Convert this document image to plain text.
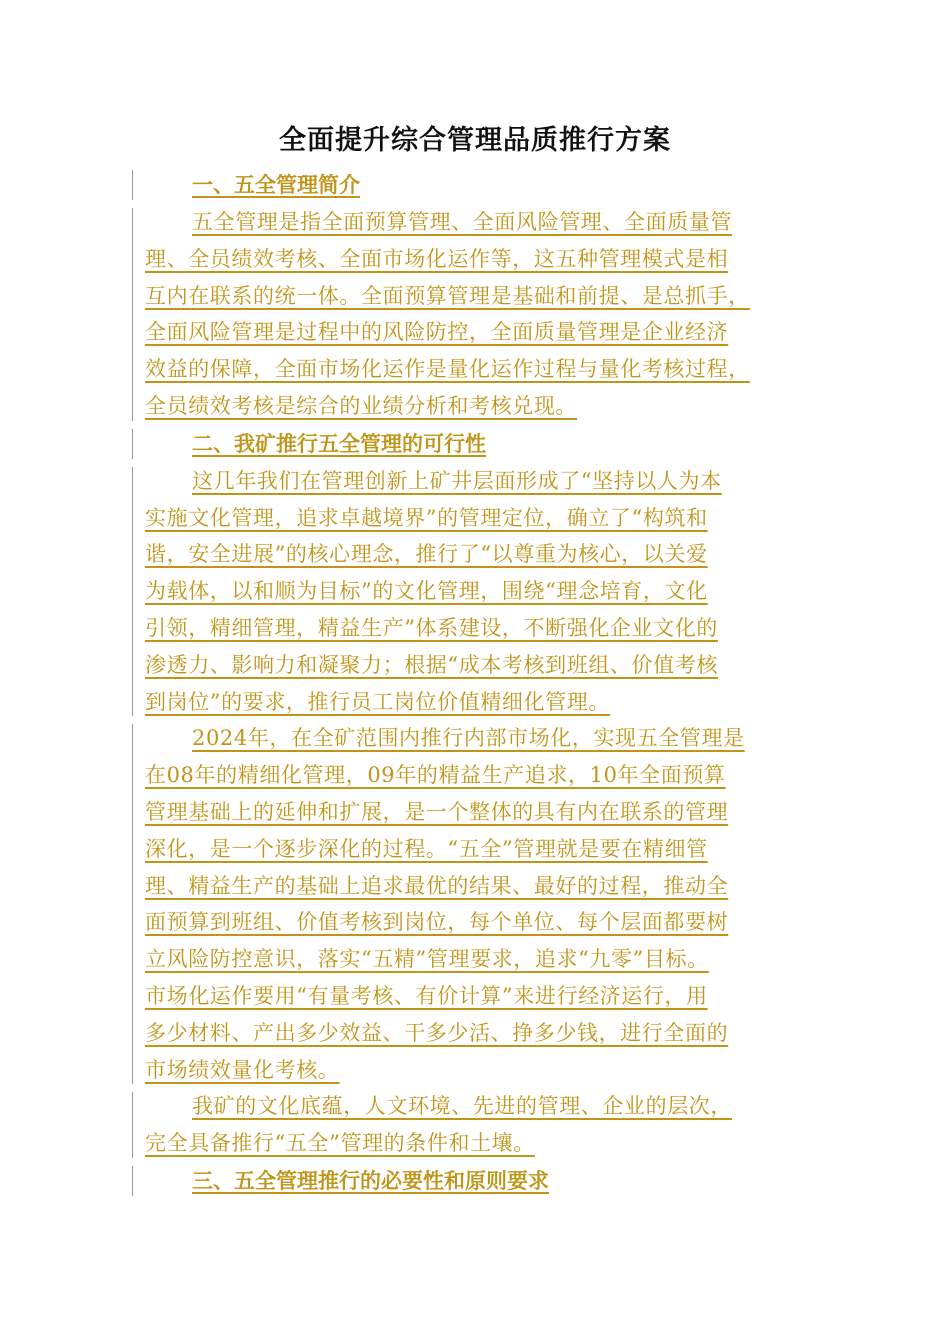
全面提升综合管理品质推行方案
一、五全管理简介
五全管理是指全面预算管理、全面风险管理、全面质量管
理、全员绩效考核、全面市场化运作等，这五种管理模式是相
互内在联系的统一体。全面预算管理是基础和前提、是总抓手，
全面风险管理是过程中的风险防控，全面质量管理是企业经济
效益的保障，全面市场化运作是量化运作过程与量化考核过程，
全员绩效考核是综合的业绩分析和考核兑现。
二、我矿推行五全管理的可行性
这几年我们在管理创新上矿井层面形成了“坚持以人为本
实施文化管理，追求卓越境界”的管理定位，确立了“构筑和
谐，安全进展”的核心理念，推行了“以尊重为核心，以关爱
为载体，以和顺为目标”的文化管理，围绕“理念培育，文化
引领，精细管理，精益生产”体系建设，不断强化企业文化的
渗透力、影响力和凝聚力；根据“成本考核到班组、价值考核
到岗位”的要求，推行员工岗位价值精细化管理。
2024年，在全矿范围内推行内部市场化，实现五全管理是
在08年的精细化管理，09年的精益生产追求，10年全面预算
管理基础上的延伸和扩展，是一个整体的具有内在联系的管理
深化，是一个逐步深化的过程。“五全”管理就是要在精细管
理、精益生产的基础上追求最优的结果、最好的过程，推动全
面预算到班组、价值考核到岗位，每个单位、每个层面都要树
立风险防控意识，落实“五精”管理要求，追求“九零”目标。
市场化运作要用“有量考核、有价计算”来进行经济运行，用
多少材料、产出多少效益、干多少活、挣多少钱，进行全面的
市场绩效量化考核。
我矿的文化底蕴，人文环境、先进的管理、企业的层次，
完全具备推行“五全”管理的条件和土壤。
三、五全管理推行的必要性和原则要求
